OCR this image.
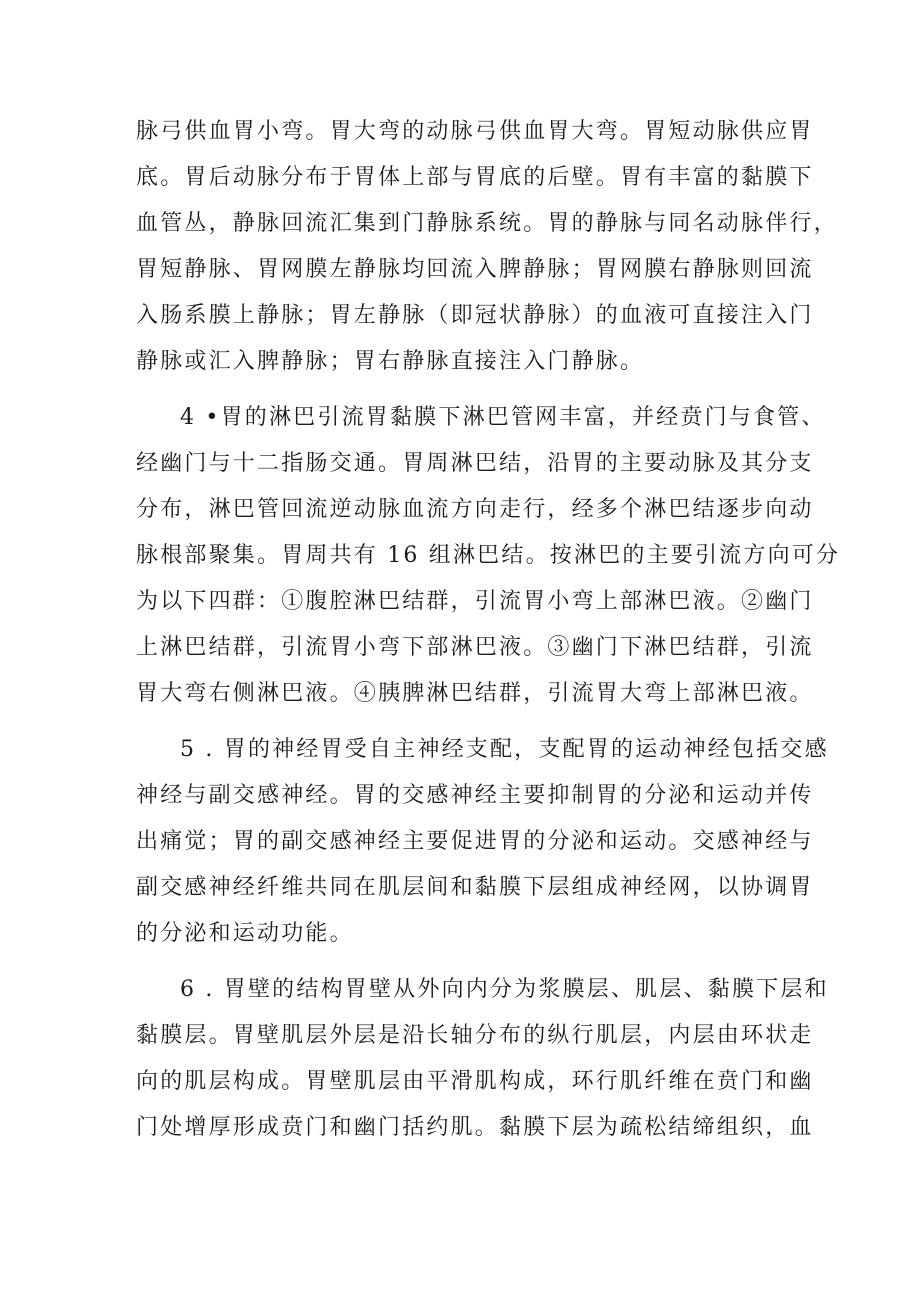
脉弓供血胃小弯。胃大弯的动脉弓供血胃大弯。胃短动脉供应胃
底。胃后动脉分布于胃体上部与胃底的后壁。胃有丰富的黏膜下
血管丛，静脉回流汇集到门静脉系统。胃的静脉与同名动脉伴行，
胃短静脉、胃网膜左静脉均回流入脾静脉；胃网膜右静脉则回流
入肠系膜上静脉；胃左静脉（即冠状静脉）的血液可直接注入门
静脉或汇入脾静脉；胃右静脉直接注入门静脉。
4 •胃的淋巴引流胃黏膜下淋巴管网丰富，并经贲门与食管、
经幽门与十二指肠交通。胃周淋巴结，沿胃的主要动脉及其分支
分布，淋巴管回流逆动脉血流方向走行，经多个淋巴结逐步向动
脉根部聚集。胃周共有 16 组淋巴结。按淋巴的主要引流方向可分
为以下四群：①腹腔淋巴结群，引流胃小弯上部淋巴液。②幽门
上淋巴结群，引流胃小弯下部淋巴液。③幽门下淋巴结群，引流
胃大弯右侧淋巴液。④胰脾淋巴结群，引流胃大弯上部淋巴液。
5 . 胃的神经胃受自主神经支配，支配胃的运动神经包括交感
神经与副交感神经。胃的交感神经主要抑制胃的分泌和运动并传
出痛觉；胃的副交感神经主要促进胃的分泌和运动。交感神经与
副交感神经纤维共同在肌层间和黏膜下层组成神经网，以协调胃
的分泌和运动功能。
6 . 胃壁的结构胃壁从外向内分为浆膜层、肌层、黏膜下层和
黏膜层。胃壁肌层外层是沿长轴分布的纵行肌层，内层由环状走
向的肌层构成。胃壁肌层由平滑肌构成，环行肌纤维在贲门和幽
门处增厚形成贲门和幽门括约肌。黏膜下层为疏松结缔组织，血
